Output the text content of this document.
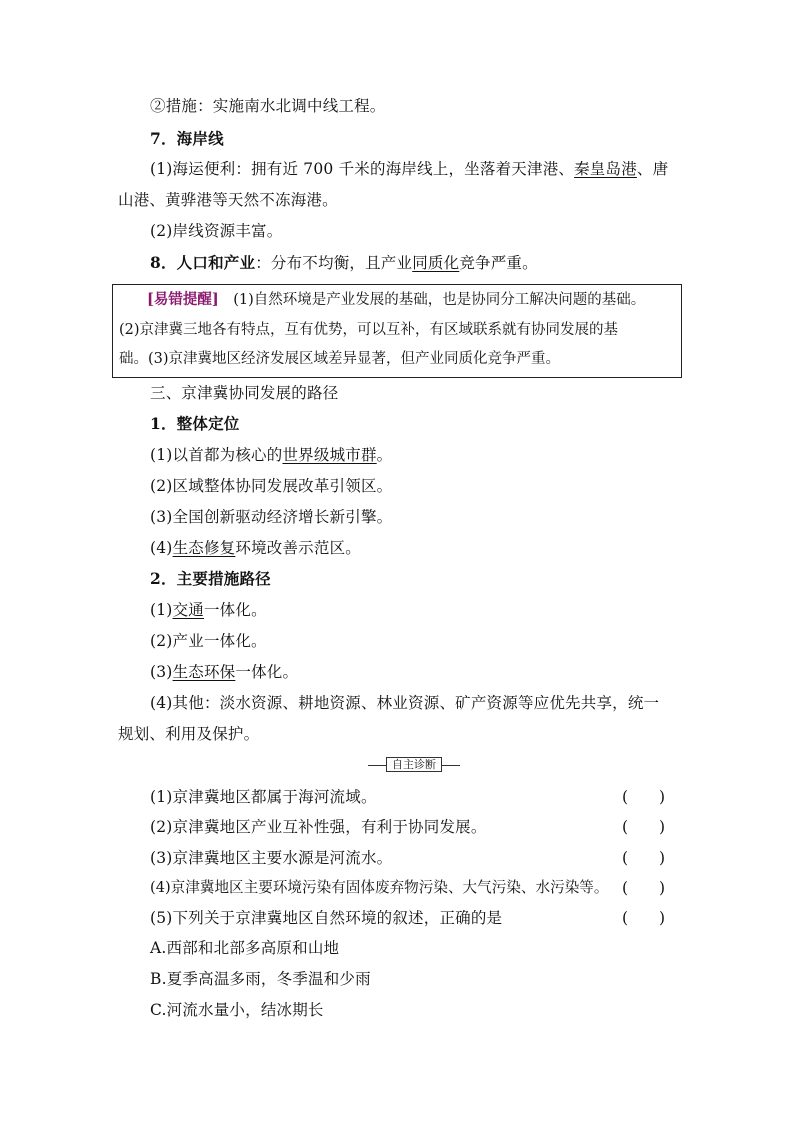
②措施：实施南水北调中线工程。
7．海岸线
(1)海运便利：拥有近 700 千米的海岸线上，坐落着天津港、秦皇岛港、唐
山港、黄骅港等天然不冻海港。
(2)岸线资源丰富。
8．人口和产业：分布不均衡，且产业同质化竞争严重。
[易错提醒]　 (1)自然环境是产业发展的基础，也是协同分工解决问题的基础。
(2)京津冀三地各有特点，互有优势，可以互补，有区域联系就有协同发展的基
础。(3)京津冀地区经济发展区域差异显著，但产业同质化竞争严重。
三、京津冀协同发展的路径
1．整体定位
(1)以首都为核心的世界级城市群。
(2)区域整体协同发展改革引领区。
(3)全国创新驱动经济增长新引擎。
(4)生态修复环境改善示范区。
2．主要措施路径
(1)交通一体化。
(2)产业一体化。
(3)生态环保一体化。
(4)其他：淡水资源、耕地资源、林业资源、矿产资源等应优先共享，统一
规划、利用及保护。
自主诊断
(1)京津冀地区都属于海河流域。	(　　)
(2)京津冀地区产业互补性强，有利于协同发展。	(　　)
(3)京津冀地区主要水源是河流水。	(　　)
(4)京津冀地区主要环境污染有固体废弃物污染、大气污染、水污染等。 (　　)
(5)下列关于京津冀地区自然环境的叙述，正确的是	(　　)
A.西部和北部多高原和山地
B.夏季高温多雨，冬季温和少雨
C.河流水量小，结冰期长
